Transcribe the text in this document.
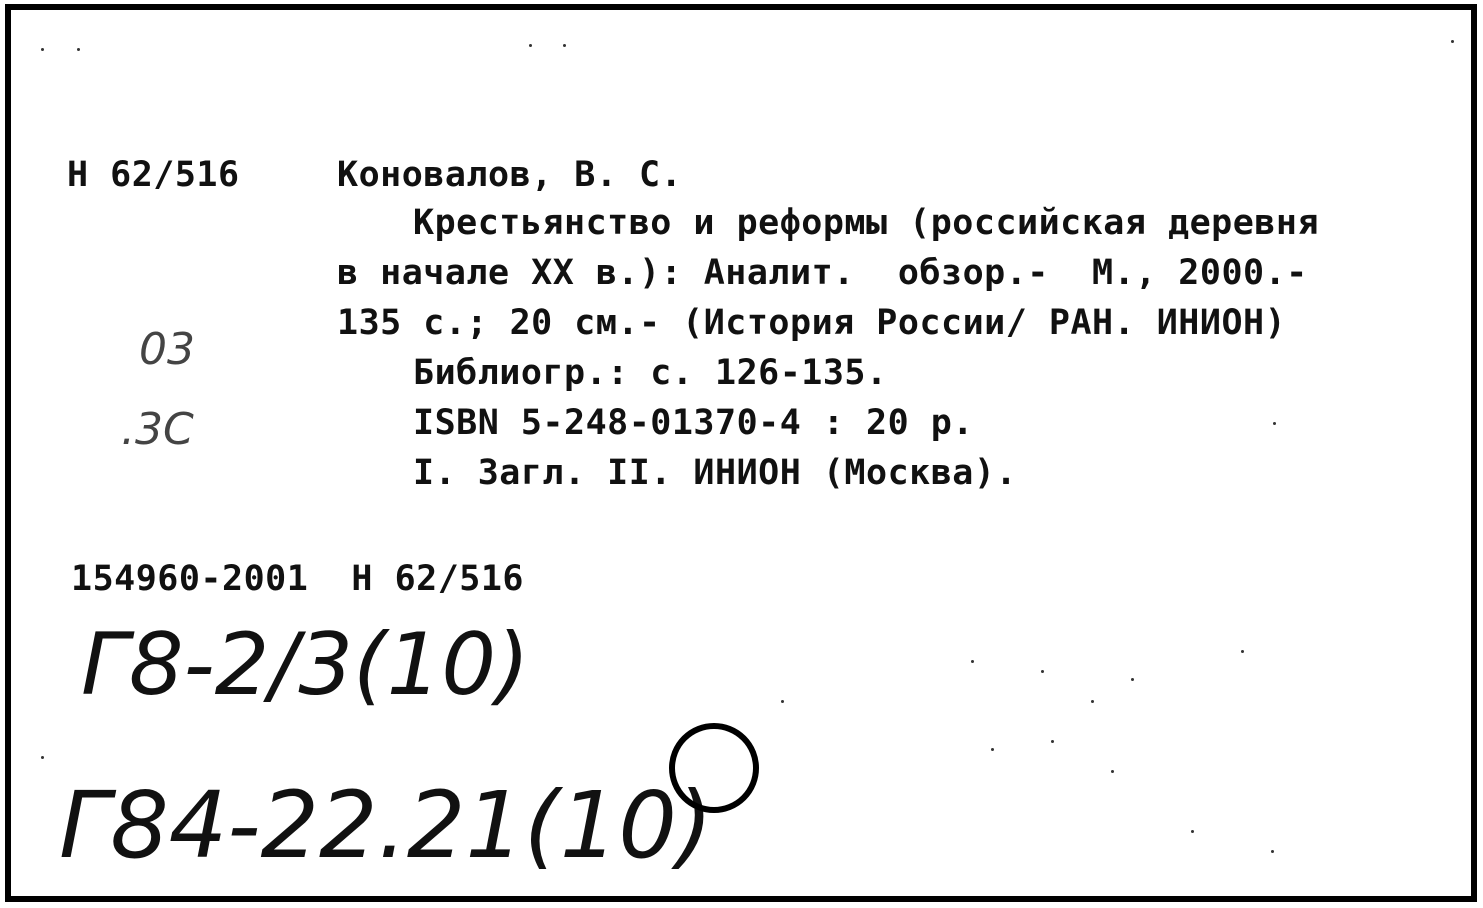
Н 62/516	Коновалов, В. С.
Крестьянство и реформы (российская деревня
в начале XX в.): Аналит.  обзор.-  М., 2000.-
135 с.; 20 см.- (История России/ РАН. ИНИОН)
Библиогр.: с. 126-135.
ISBN 5-248-01370-4 : 20 р.
I. Загл. II. ИНИОН (Москва).
154960-2001  Н 62/516
03
.3C
Г8-2/3(10)
Г84-22.21(10)
